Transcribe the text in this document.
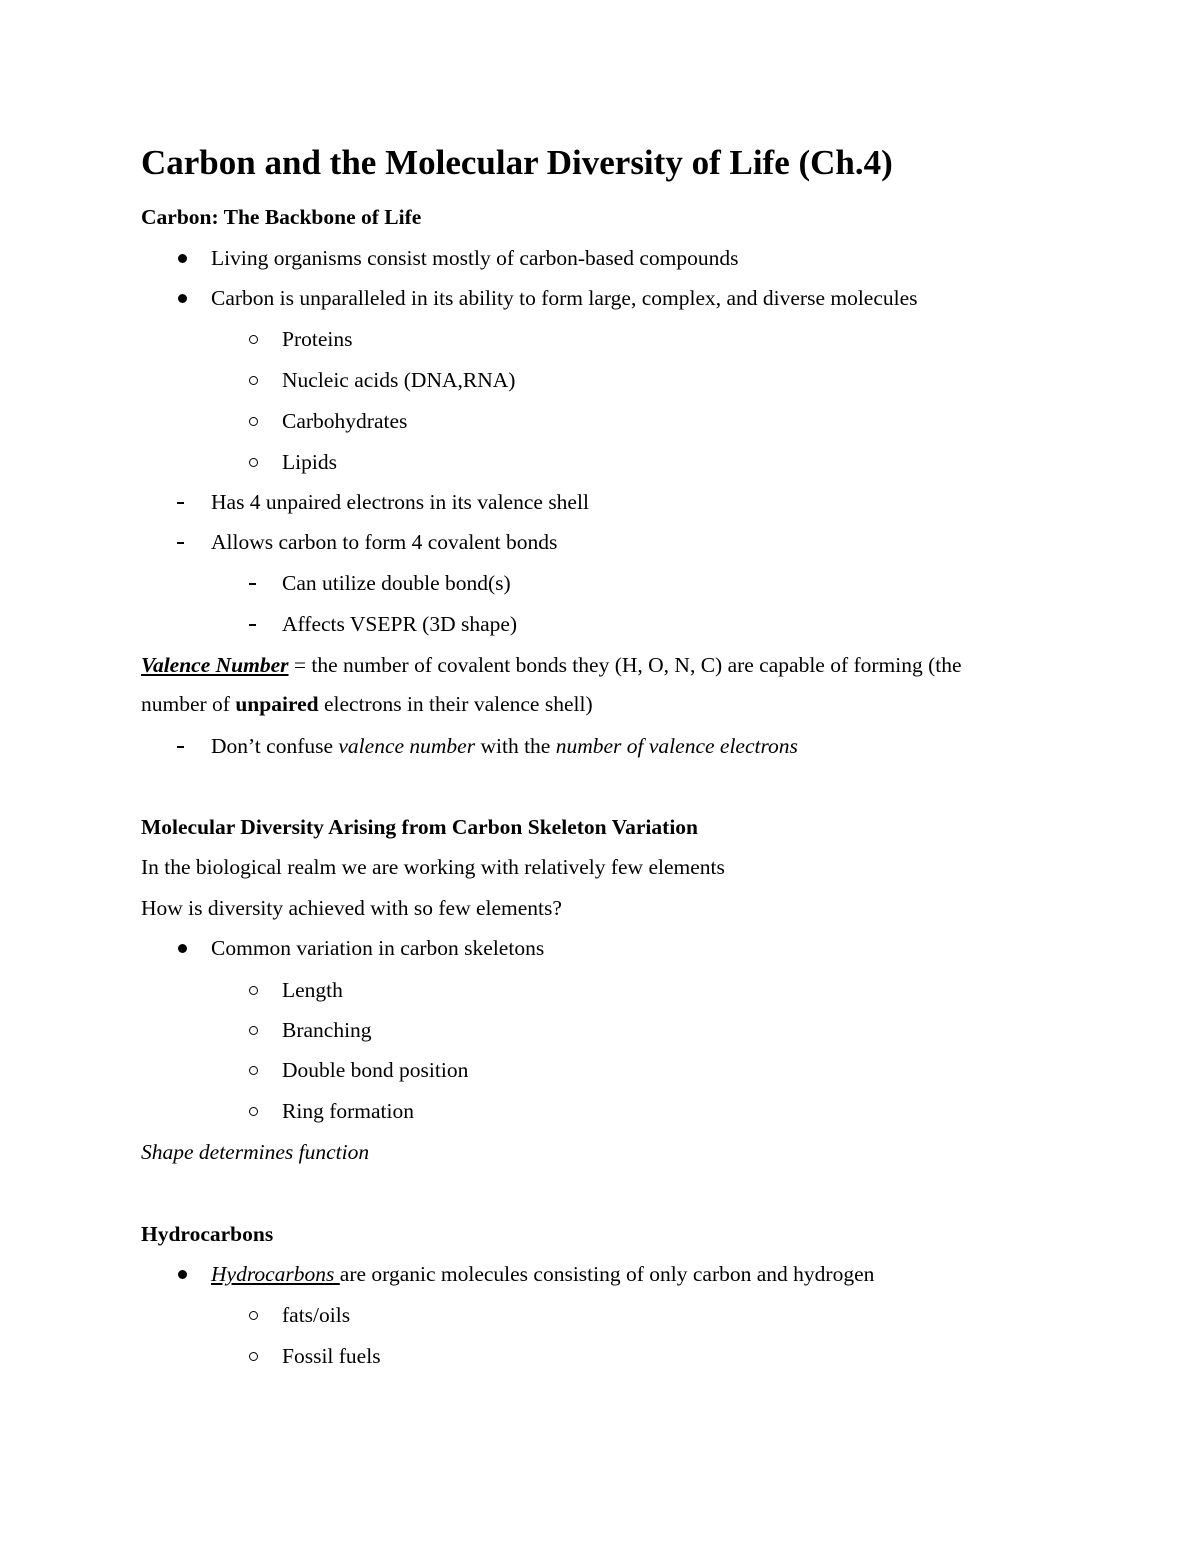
Carbon and the Molecular Diversity of Life (Ch.4)
Carbon: The Backbone of Life
Living organisms consist mostly of carbon-based compounds
Carbon is unparalleled in its ability to form large, complex, and diverse molecules
Proteins
Nucleic acids (DNA,RNA)
Carbohydrates
Lipids
Has 4 unpaired electrons in its valence shell
Allows carbon to form 4 covalent bonds
Can utilize double bond(s)
Affects VSEPR (3D shape)
Valence Number = the number of covalent bonds they (H, O, N, C) are capable of forming (the
number of unpaired electrons in their valence shell)
Don’t confuse valence number with the number of valence electrons
Molecular Diversity Arising from Carbon Skeleton Variation
In the biological realm we are working with relatively few elements
How is diversity achieved with so few elements?
Common variation in carbon skeletons
Length
Branching
Double bond position
Ring formation
Shape determines function
Hydrocarbons
Hydrocarbons are organic molecules consisting of only carbon and hydrogen
fats/oils
Fossil fuels
